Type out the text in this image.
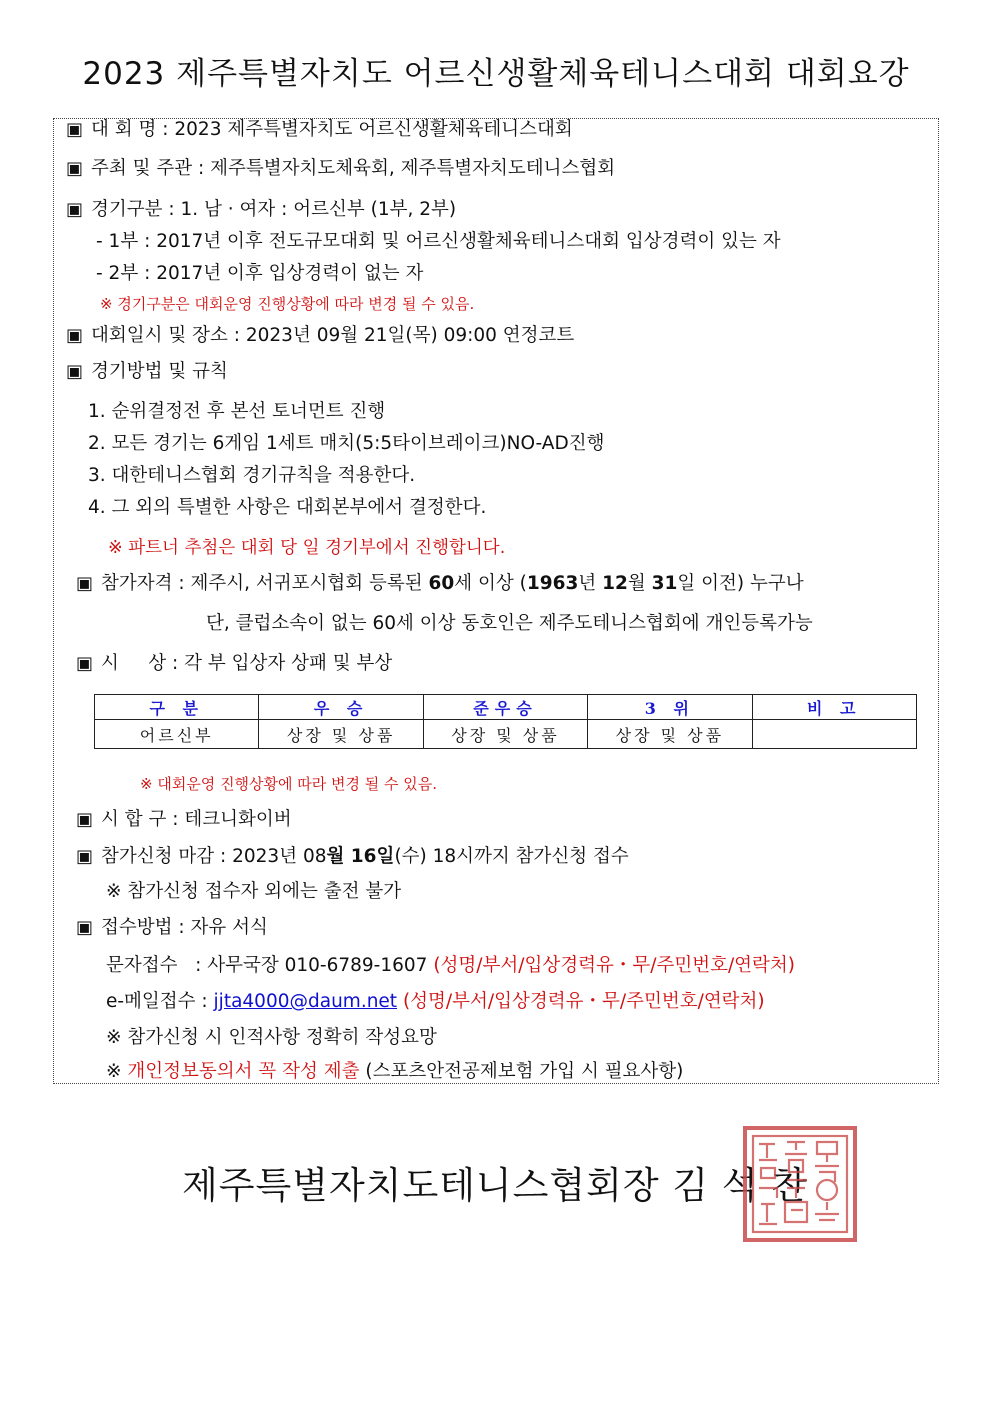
2023 제주특별자치도 어르신생활체육테니스대회 대회요강
▣ 대 회 명 : 2023 제주특별자치도 어르신생활체육테니스대회
▣ 주최 및 주관 : 제주특별자치도체육회, 제주특별자치도테니스협회
▣ 경기구분 : 1. 남 · 여자 : 어르신부 (1부, 2부)
- 1부 : 2017년 이후 전도규모대회 및 어르신생활체육테니스대회 입상경력이 있는 자
- 2부 : 2017년 이후 입상경력이 없는 자
※ 경기구분은 대회운영 진행상황에 따라 변경 될 수 있음.
▣ 대회일시 및 장소 : 2023년 09월 21일(목) 09:00 연정코트
▣ 경기방법 및 규칙
1. 순위결정전 후 본선 토너먼트 진행
2. 모든 경기는 6게임 1세트 매치(5:5타이브레이크)NO-AD진행
3. 대한테니스협회 경기규칙을 적용한다.
4. 그 외의 특별한 사항은 대회본부에서 결정한다.
※ 파트너 추첨은 대회 당 일 경기부에서 진행합니다.
▣ 참가자격 : 제주시, 서귀포시협회 등록된 60세 이상 (1963년 12월 31일 이전) 누구나
단, 클럽소속이 없는 60세 이상 동호인은 제주도테니스협회에 개인등록가능
▣ 시     상 : 각 부 입상자 상패 및 부상
구 분	우 승	준우승	3 위	비 고
어르신부	상장 및 상품	상장 및 상품	상장 및 상품	
※ 대회운영 진행상황에 따라 변경 될 수 있음.
▣ 시 합 구 : 테크니화이버
▣ 참가신청 마감 : 2023년 08월 16일(수) 18시까지 참가신청 접수
※ 참가신청 접수자 외에는 출전 불가
▣ 접수방법 : 자유 서식
문자접수   : 사무국장 010-6789-1607 (성명/부서/입상경력유・무/주민번호/연락처)
e-메일접수 : jjta4000@daum.net (성명/부서/입상경력유・무/주민번호/연락처)
※ 참가신청 시 인적사항 정확히 작성요망
※ 개인정보동의서 꼭 작성 제출 (스포츠안전공제보험 가입 시 필요사항)
제주특별자치도테니스협회장 김 석 찬
